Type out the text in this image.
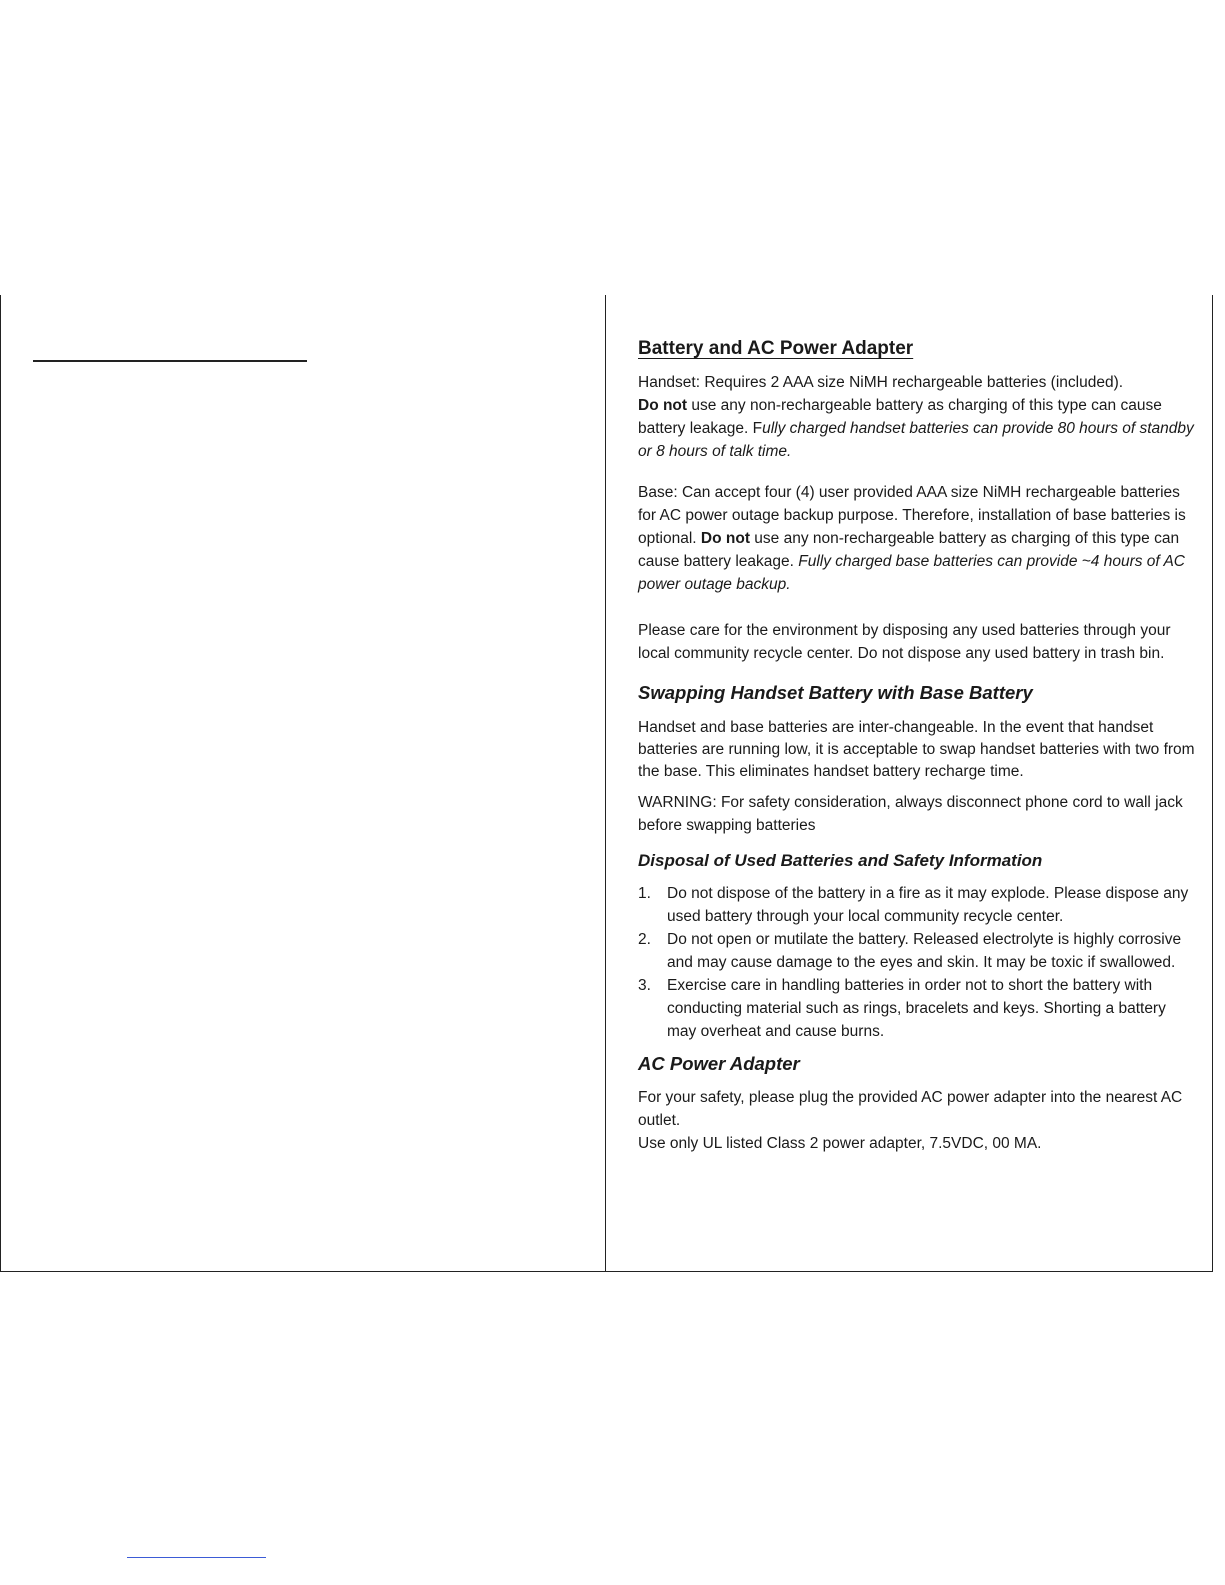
Battery and AC Power Adapter

Handset: Requires 2 AAA size NiMH rechargeable batteries (included).
Do not use any non-rechargeable battery as charging of this type can cause battery leakage. Fully charged handset batteries can provide 80 hours of standby or 8 hours of talk time.

Base: Can accept four (4) user provided AAA size NiMH rechargeable batteries for AC power outage backup purpose. Therefore, installation of base batteries is optional. Do not use any non-rechargeable battery as charging of this type can cause battery leakage. Fully charged base batteries can provide ~4 hours of AC power outage backup.

Please care for the environment by disposing any used batteries through your local community recycle center. Do not dispose any used battery in trash bin.

Swapping Handset Battery with Base Battery

Handset and base batteries are inter-changeable. In the event that handset batteries are running low, it is acceptable to swap handset batteries with two from the base. This eliminates handset battery recharge time.

WARNING: For safety consideration, always disconnect phone cord to wall jack before swapping batteries

Disposal of Used Batteries and Safety Information
1. Do not dispose of the battery in a fire as it may explode. Please dispose any used battery through your local community recycle center.
2. Do not open or mutilate the battery. Released electrolyte is highly corrosive and may cause damage to the eyes and skin. It may be toxic if swallowed.
3. Exercise care in handling batteries in order not to short the battery with conducting material such as rings, bracelets and keys. Shorting a battery may overheat and cause burns.
AC Power Adapter

For your safety, please plug the provided AC power adapter into the nearest AC outlet.

Use only UL listed Class 2 power adapter, 7.5VDC, 00 MA.
